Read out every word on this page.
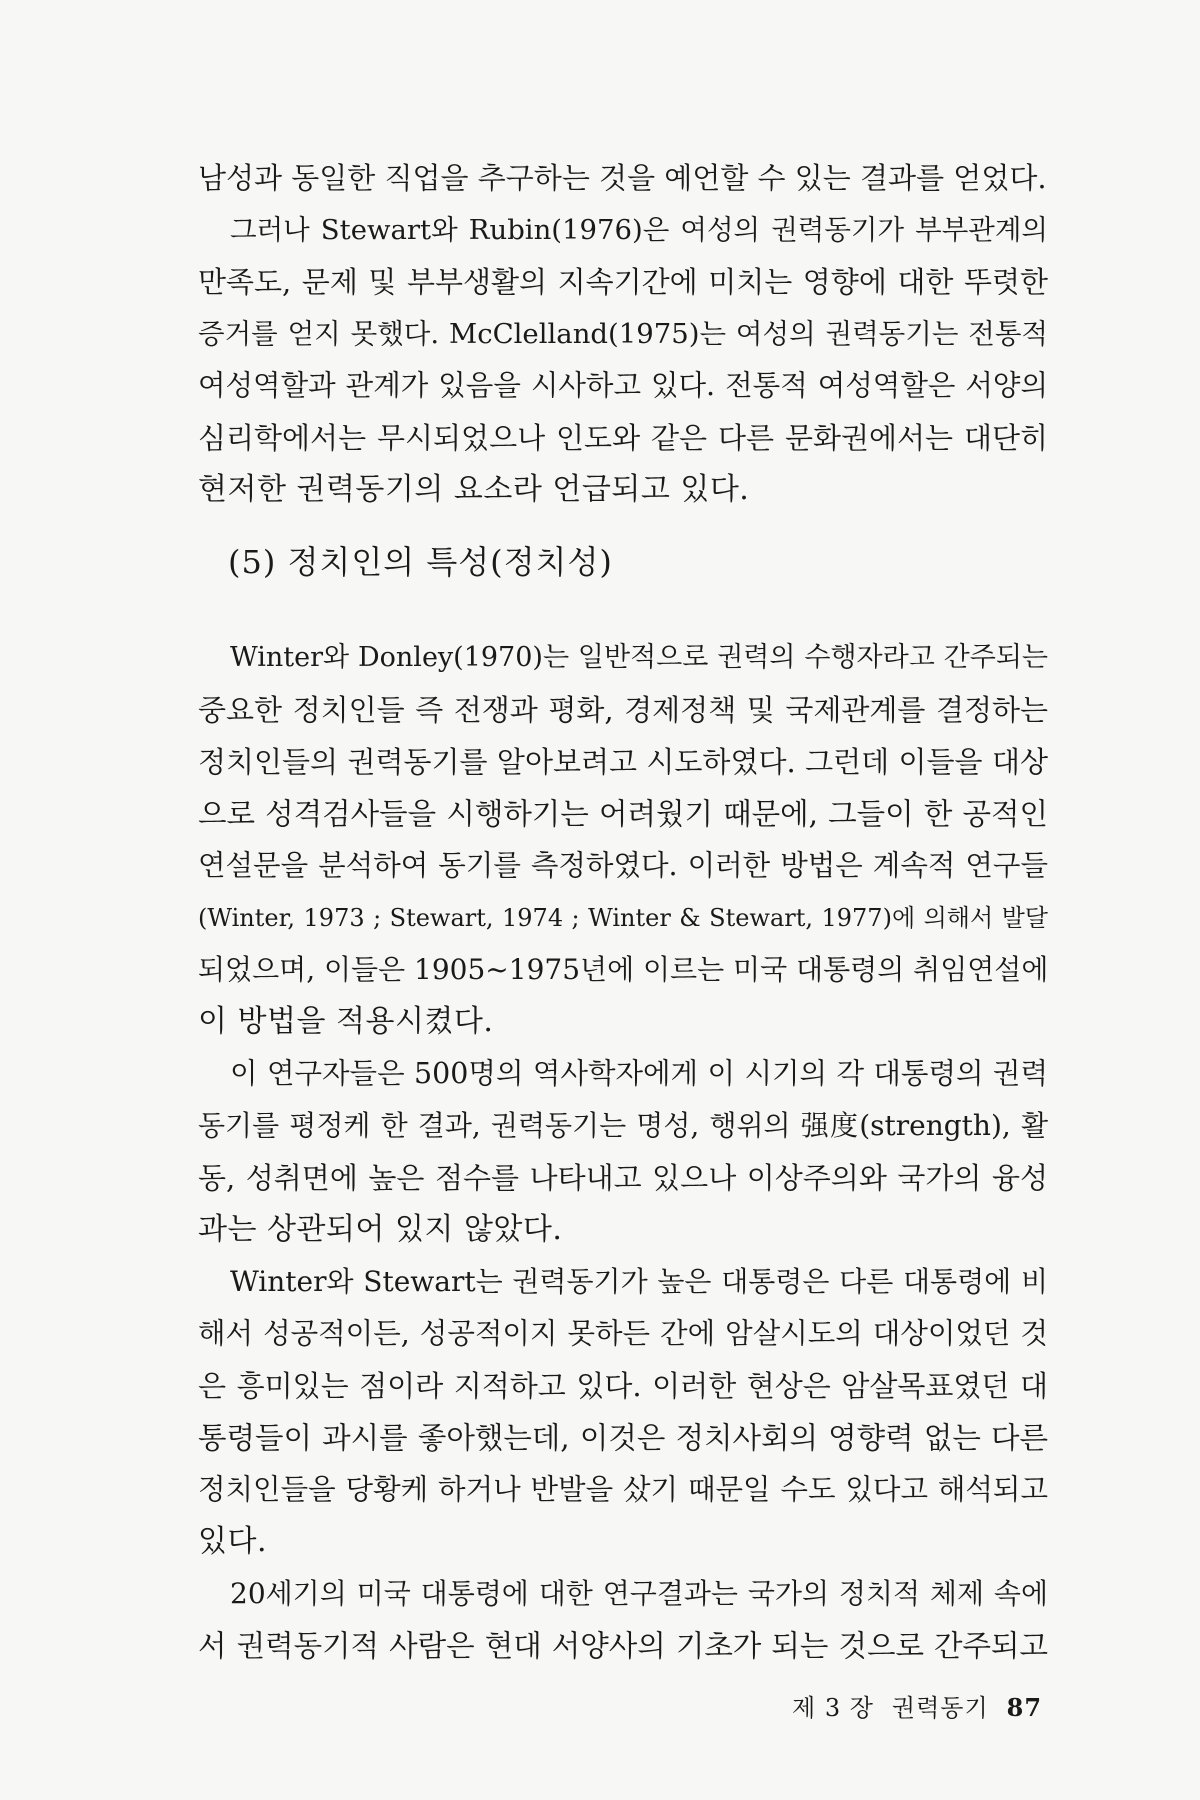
남성과 동일한 직업을 추구하는 것을 예언할 수 있는 결과를 얻었다.
그러나 Stewart와 Rubin(1976)은 여성의 권력동기가 부부관계의
만족도, 문제 및 부부생활의 지속기간에 미치는 영향에 대한 뚜렷한
증거를 얻지 못했다. McClelland(1975)는 여성의 권력동기는 전통적
여성역할과 관계가 있음을 시사하고 있다. 전통적 여성역할은 서양의
심리학에서는 무시되었으나 인도와 같은 다른 문화권에서는 대단히
현저한 권력동기의 요소라 언급되고 있다.
(5) 정치인의 특성(정치성)
Winter와 Donley(1970)는 일반적으로 권력의 수행자라고 간주되는
중요한 정치인들 즉 전쟁과 평화, 경제정책 및 국제관계를 결정하는
정치인들의 권력동기를 알아보려고 시도하였다. 그런데 이들을 대상
으로 성격검사들을 시행하기는 어려웠기 때문에, 그들이 한 공적인
연설문을 분석하여 동기를 측정하였다. 이러한 방법은 계속적 연구들
(Winter, 1973 ; Stewart, 1974 ; Winter & Stewart, 1977)에 의해서 발달
되었으며, 이들은 1905~1975년에 이르는 미국 대통령의 취임연설에
이 방법을 적용시켰다.
이 연구자들은 500명의 역사학자에게 이 시기의 각 대통령의 권력
동기를 평정케 한 결과, 권력동기는 명성, 행위의 强度(strength), 활
동, 성취면에 높은 점수를 나타내고 있으나 이상주의와 국가의 융성
과는 상관되어 있지 않았다.
Winter와 Stewart는 권력동기가 높은 대통령은 다른 대통령에 비
해서 성공적이든, 성공적이지 못하든 간에 암살시도의 대상이었던 것
은 흥미있는 점이라 지적하고 있다. 이러한 현상은 암살목표였던 대
통령들이 과시를 좋아했는데, 이것은 정치사회의 영향력 없는 다른
정치인들을 당황케 하거나 반발을 샀기 때문일 수도 있다고 해석되고
있다.
20세기의 미국 대통령에 대한 연구결과는 국가의 정치적 체제 속에
서 권력동기적 사람은 현대 서양사의 기초가 되는 것으로 간주되고
제 3 장 권력동기 87
